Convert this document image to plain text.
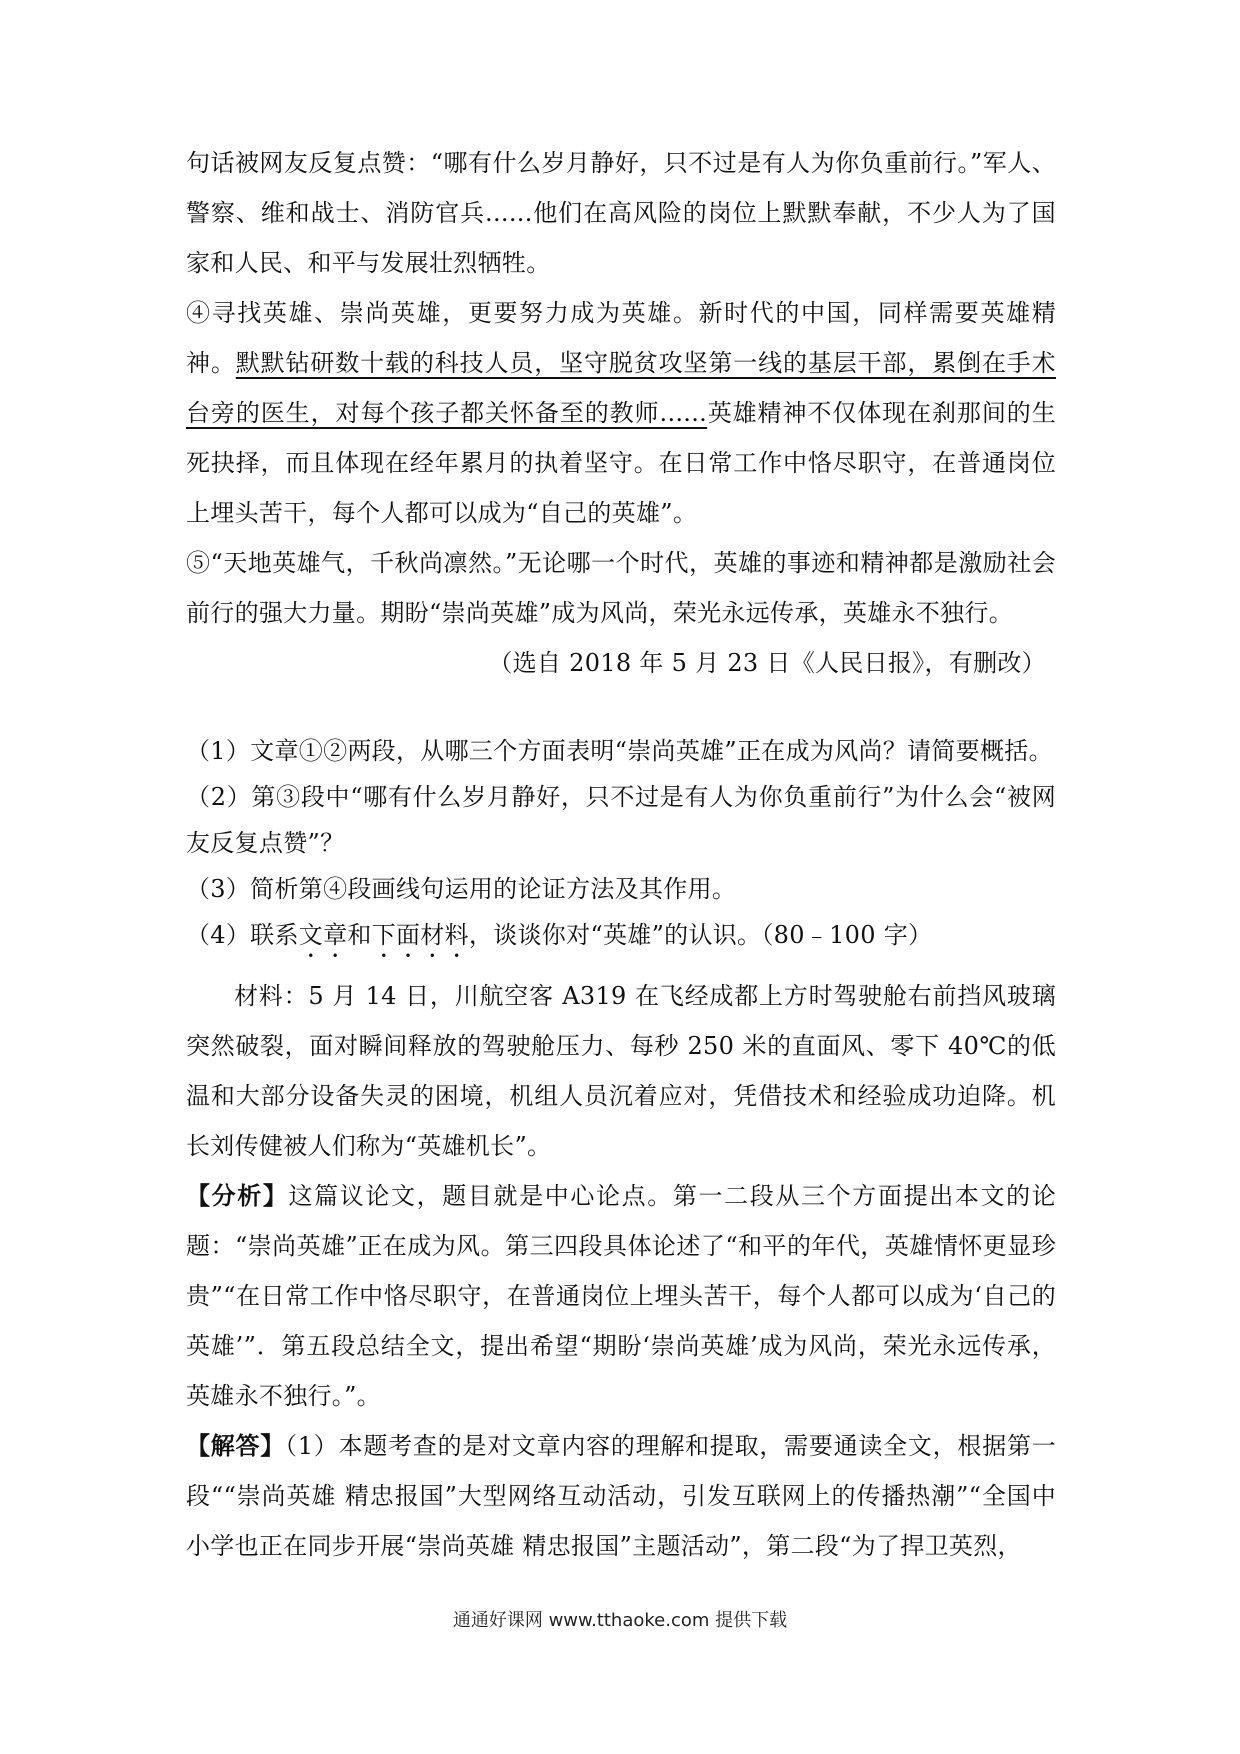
句话被网友反复点赞：“哪有什么岁月静好，只不过是有人为你负重前行。”军人、警察、维和战士、消防官兵......他们在高风险的岗位上默默奉献，不少人为了国家和人民、和平与发展壮烈牺牲。

④寻找英雄、崇尚英雄，更要努力成为英雄。新时代的中国，同样需要英雄精神。默默钻研数十载的科技人员，坚守脱贫攻坚第一线的基层干部，累倒在手术台旁的医生，对每个孩子都关怀备至的教师......英雄精神不仅体现在刹那间的生死抉择，而且体现在经年累月的执着坚守。在日常工作中恪尽职守，在普通岗位上埋头苦干，每个人都可以成为“自己的英雄”。

⑤“天地英雄气，千秋尚凛然。”无论哪一个时代，英雄的事迹和精神都是激励社会前行的强大力量。期盼“崇尚英雄”成为风尚，荣光永远传承，英雄永不独行。

（选自 2018 年 5 月 23 日《人民日报》，有删改）

（1）文章①②两段，从哪三个方面表明“崇尚英雄”正在成为风尚？请简要概括。

（2）第③段中“哪有什么岁月静好，只不过是有人为你负重前行”为什么会“被网友反复点赞”？

（3）简析第④段画线句运用的论证方法及其作用。

（4）联系文章和下面材料，谈谈你对“英雄”的认识。（80﹣100 字）

材料：5 月 14 日，川航空客 A319 在飞经成都上方时驾驶舱右前挡风玻璃突然破裂，面对瞬间释放的驾驶舱压力、每秒 250 米的直面风、零下 40℃的低温和大部分设备失灵的困境，机组人员沉着应对，凭借技术和经验成功迫降。机长刘传健被人们称为“英雄机长”。

【分析】这篇议论文，题目就是中心论点。第一二段从三个方面提出本文的论题：“崇尚英雄”正在成为风。第三四段具体论述了“和平的年代，英雄情怀更显珍贵”“在日常工作中恪尽职守，在普通岗位上埋头苦干，每个人都可以成为‘自己的英雄’”．第五段总结全文，提出希望“期盼‘崇尚英雄’成为风尚，荣光永远传承，英雄永不独行。”。

【解答】（1）本题考查的是对文章内容的理解和提取，需要通读全文，根据第一段““崇尚英雄 精忠报国”大型网络互动活动，引发互联网上的传播热潮”“全国中小学也正在同步开展“崇尚英雄 精忠报国”主题活动”，第二段“为了捍卫英烈，

通通好课网 www.tthaoke.com 提供下载
